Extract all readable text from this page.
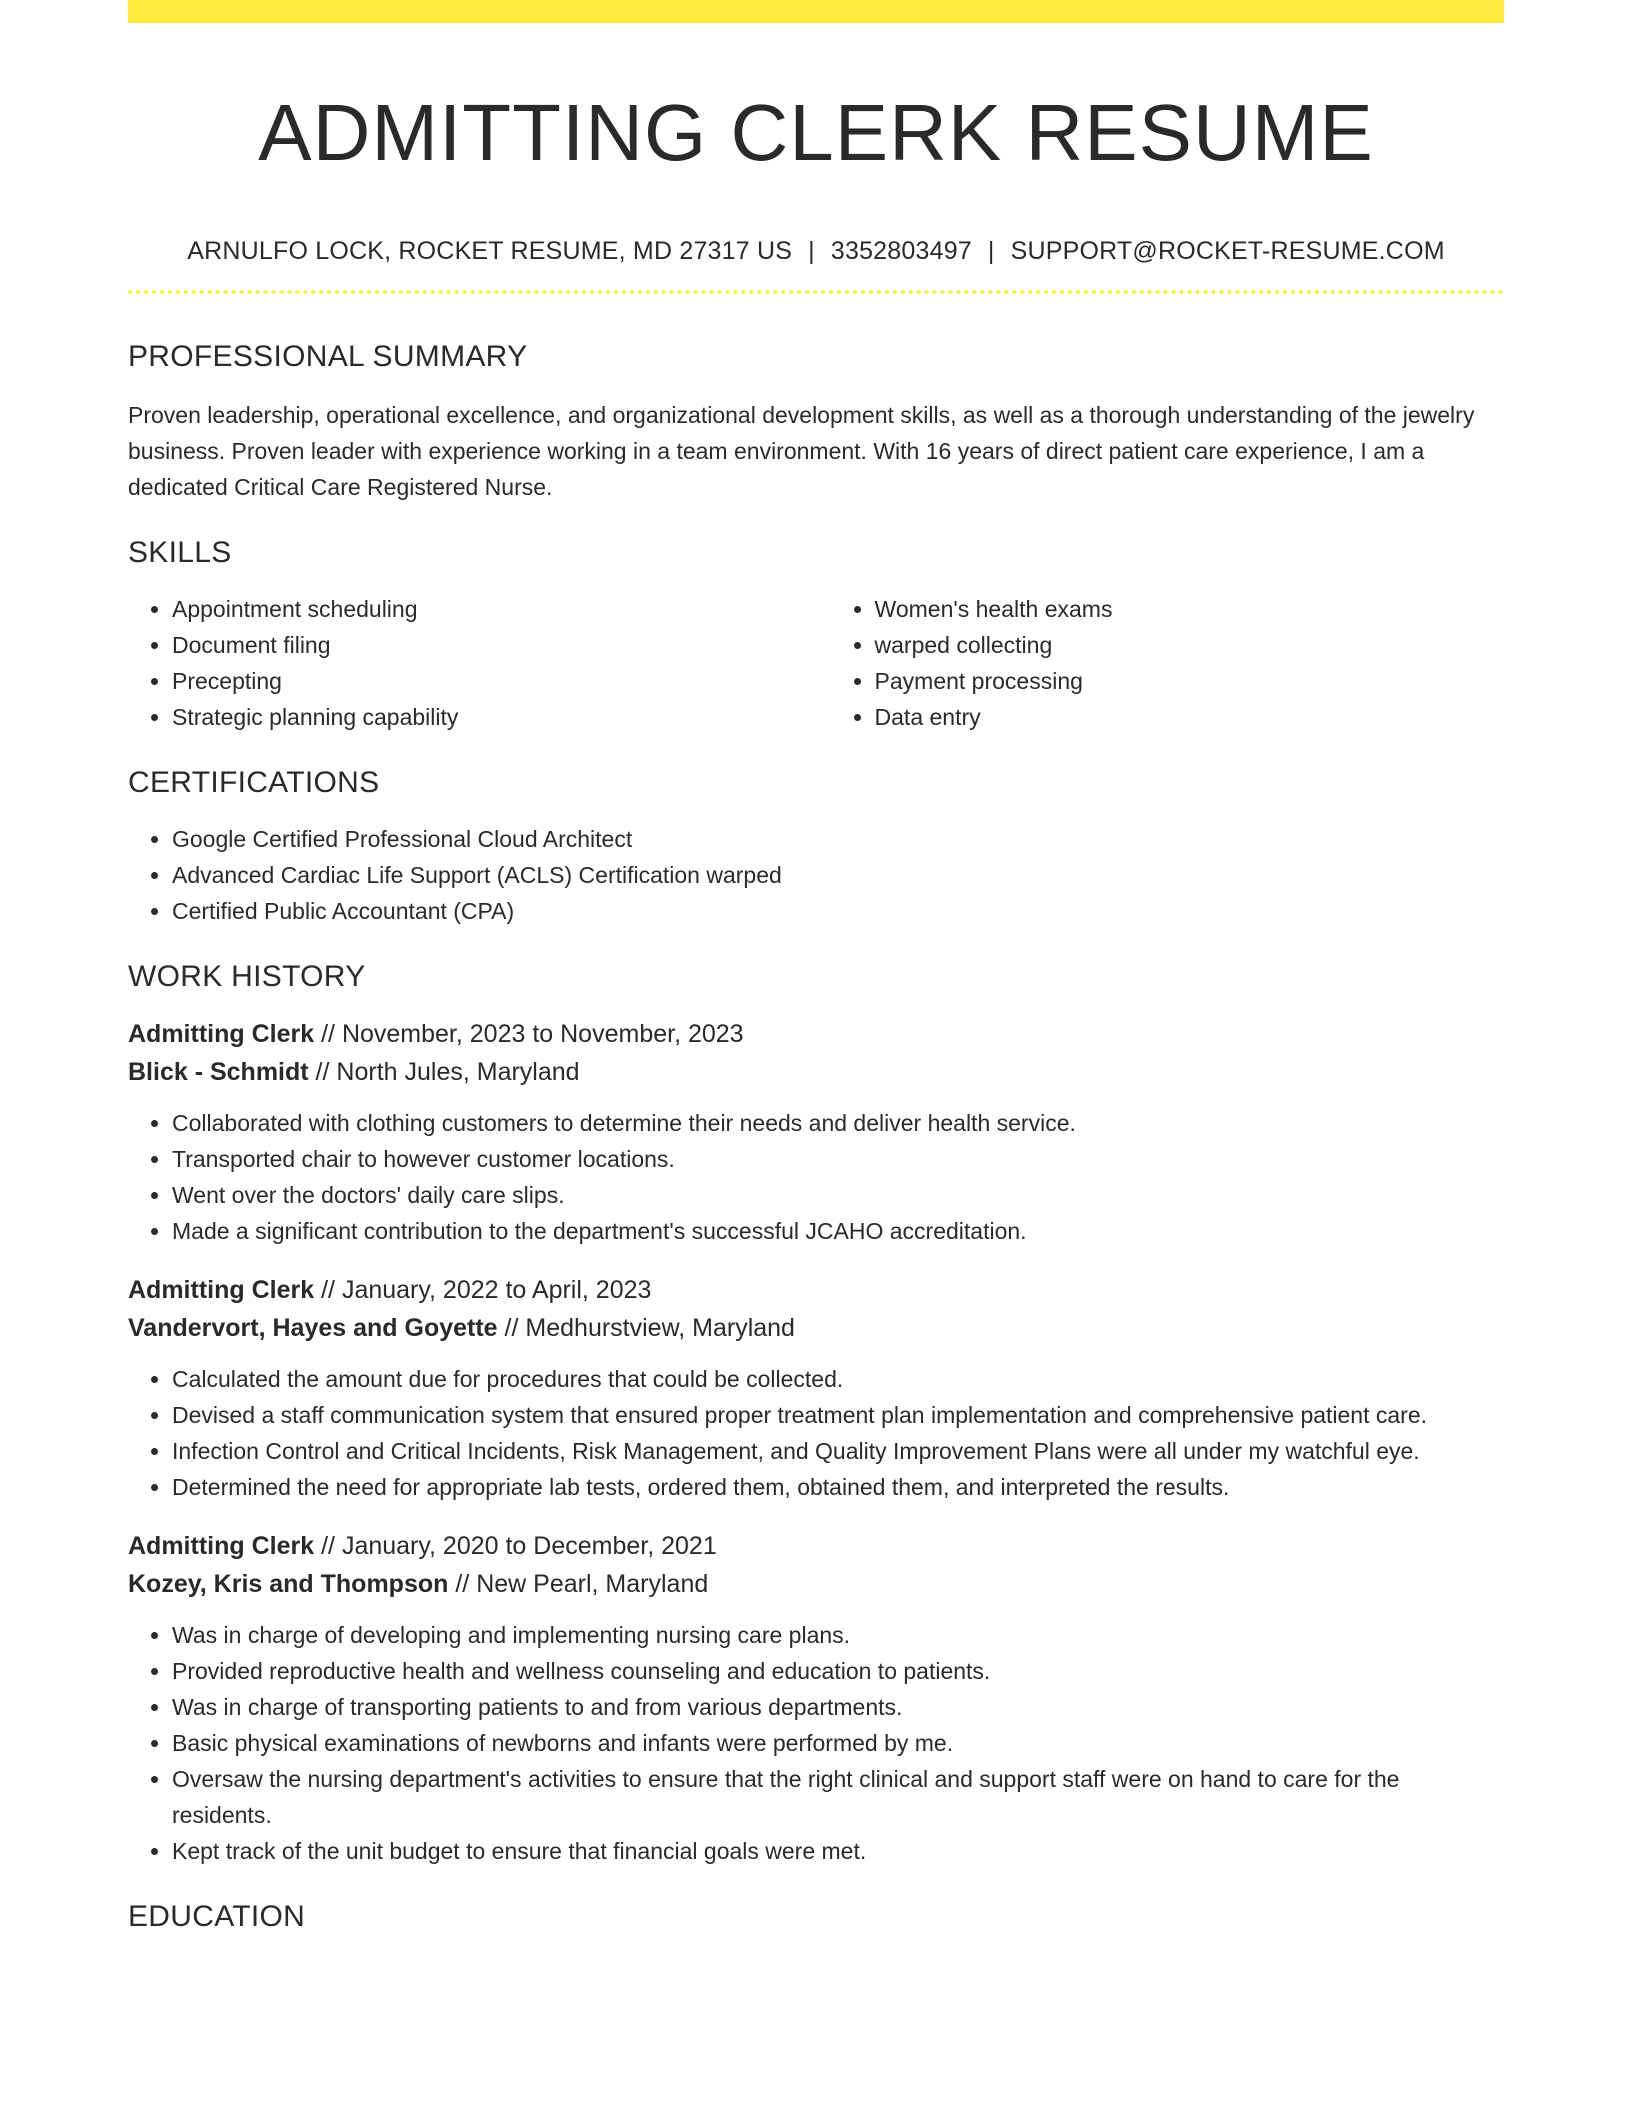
ADMITTING CLERK RESUME
ARNULFO LOCK, ROCKET RESUME, MD 27317 US | 3352803497 | SUPPORT@ROCKET-RESUME.COM
PROFESSIONAL SUMMARY

Proven leadership, operational excellence, and organizational development skills, as well as a thorough understanding of the jewelry business. Proven leader with experience working in a team environment. With 16 years of direct patient care experience, I am a dedicated Critical Care Registered Nurse.

SKILLS
• Appointment scheduling
• Document filing
• Precepting
• Strategic planning capability
• Women's health exams
• warped collecting
• Payment processing
• Data entry
CERTIFICATIONS
• Google Certified Professional Cloud Architect
• Advanced Cardiac Life Support (ACLS) Certification warped
• Certified Public Accountant (CPA)
WORK HISTORY

Admitting Clerk // November, 2023 to November, 2023

Blick - Schmidt // North Jules, Maryland

• Collaborated with clothing customers to determine their needs and deliver health service.
• Transported chair to however customer locations.
• Went over the doctors' daily care slips.
• Made a significant contribution to the department's successful JCAHO accreditation.

Admitting Clerk // January, 2022 to April, 2023

Vandervort, Hayes and Goyette // Medhurstview, Maryland

• Calculated the amount due for procedures that could be collected.
• Devised a staff communication system that ensured proper treatment plan implementation and comprehensive patient care.
• Infection Control and Critical Incidents, Risk Management, and Quality Improvement Plans were all under my watchful eye.
• Determined the need for appropriate lab tests, ordered them, obtained them, and interpreted the results.

Admitting Clerk // January, 2020 to December, 2021

Kozey, Kris and Thompson // New Pearl, Maryland

• Was in charge of developing and implementing nursing care plans.
• Provided reproductive health and wellness counseling and education to patients.
• Was in charge of transporting patients to and from various departments.
• Basic physical examinations of newborns and infants were performed by me.
• Oversaw the nursing department's activities to ensure that the right clinical and support staff were on hand to care for the residents.
• Kept track of the unit budget to ensure that financial goals were met.
EDUCATION
